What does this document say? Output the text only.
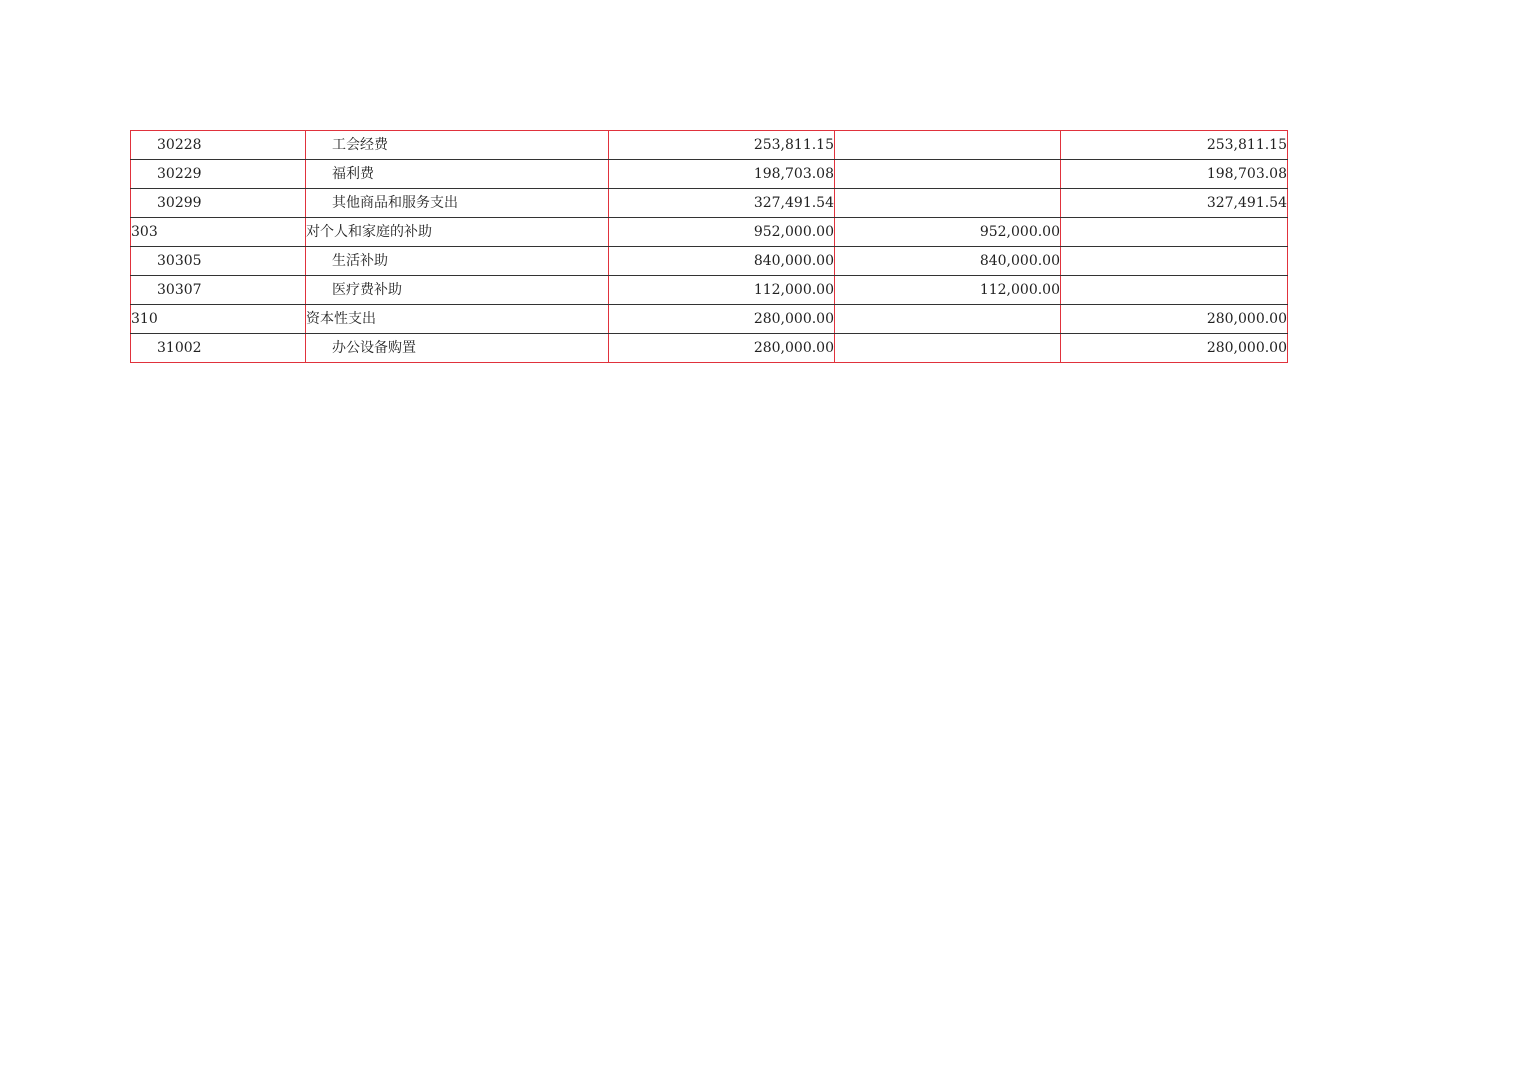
30228	工会经费	253,811.15		253,811.15
30229	福利费	198,703.08		198,703.08
30299	其他商品和服务支出	327,491.54		327,491.54
303	对个人和家庭的补助	952,000.00	952,000.00	
30305	生活补助	840,000.00	840,000.00	
30307	医疗费补助	112,000.00	112,000.00	
310	资本性支出	280,000.00		280,000.00
31002	办公设备购置	280,000.00		280,000.00
